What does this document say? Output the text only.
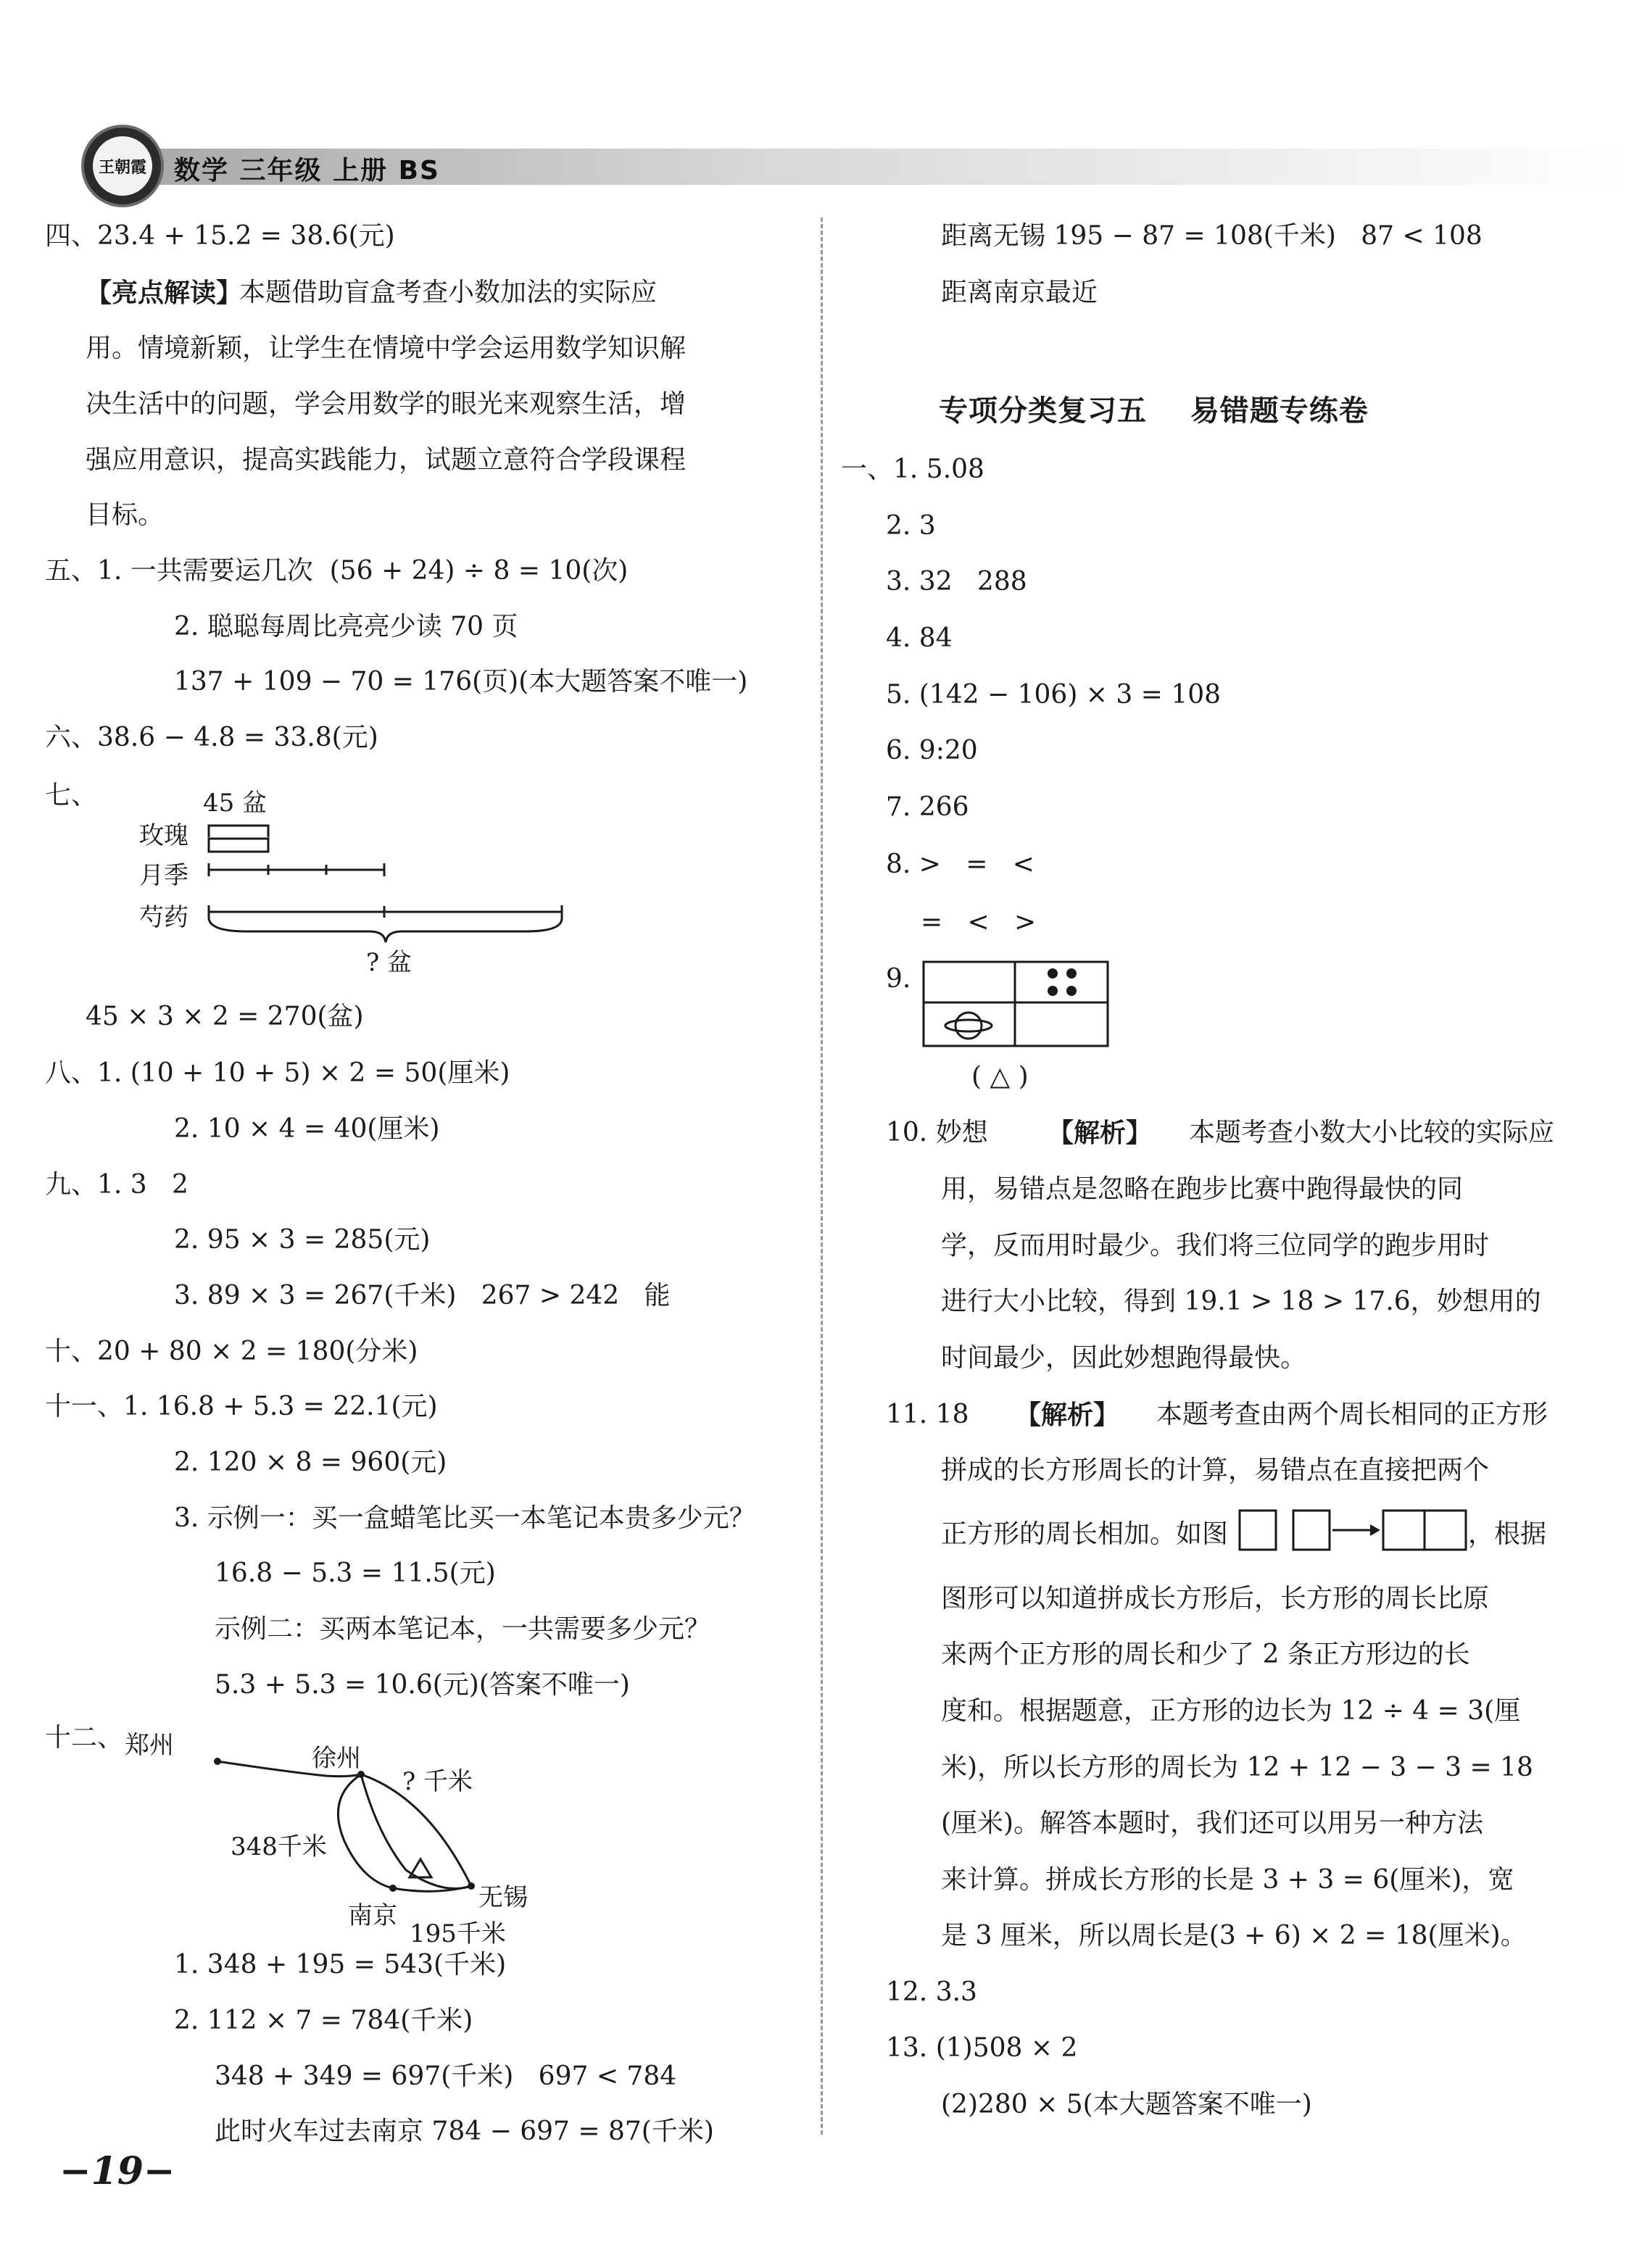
王朝霞 数学 三年级 上册 BS
四、23.4 + 15.2 = 38.6(元)
【亮点解读】
本题借助盲盒考查小数加法的实际应
用。情境新颖，让学生在情境中学会运用数学知识解
决生活中的问题，学会用数学的眼光来观察生活，增
强应用意识，提高实践能力，试题立意符合学段课程
目标。
五、1. 一共需要运几次  (56 + 24) ÷ 8 = 10(次)
2. 聪聪每周比亮亮少读 70 页
137 + 109 − 70 = 176(页)(本大题答案不唯一)
六、38.6 − 4.8 = 33.8(元)
七、	45 盆
玫瑰
月季
芍药
? 盆
45 × 3 × 2 = 270(盆)
八、1. (10 + 10 + 5) × 2 = 50(厘米)
2. 10 × 4 = 40(厘米)
九、1. 3   2
2. 95 × 3 = 285(元)
3. 89 × 3 = 267(千米)   267 > 242   能
十、20 + 80 × 2 = 180(分米)
十一、1. 16.8 + 5.3 = 22.1(元)
2. 120 × 8 = 960(元)
3. 示例一：买一盒蜡笔比买一本笔记本贵多少元？
16.8 − 5.3 = 11.5(元)
示例二：买两本笔记本，一共需要多少元？
5.3 + 5.3 = 10.6(元)(答案不唯一)
十二、 郑州	徐州
? 千米
348千米
南京
195千米
无锡
1. 348 + 195 = 543(千米)
2. 112 × 7 = 784(千米)
348 + 349 = 697(千米)   697 < 784
此时火车过去南京 784 − 697 = 87(千米)
−19−
距离无锡 195 − 87 = 108(千米)   87 < 108
距离南京最近
专项分类复习五    易错题专练卷
一、1. 5.08
2. 3
3. 32   288
4. 84
5. (142 − 106) × 3 = 108
6. 9:20
7. 266
8. >   =   <
=   <   >
9.
( △ )
10. 妙想 【解析】 本题考查小数大小比较的实际应
用，易错点是忽略在跑步比赛中跑得最快的同
学，反而用时最少。我们将三位同学的跑步用时
进行大小比较，得到 19.1 > 18 > 17.6，妙想用的
时间最少，因此妙想跑得最快。
11. 18 【解析】 本题考查由两个周长相同的正方形
拼成的长方形周长的计算，易错点在直接把两个
正方形的周长相加。如图	，根据
图形可以知道拼成长方形后，长方形的周长比原
来两个正方形的周长和少了 2 条正方形边的长
度和。根据题意，正方形的边长为 12 ÷ 4 = 3(厘
米)，所以长方形的周长为 12 + 12 − 3 − 3 = 18
(厘米)。解答本题时，我们还可以用另一种方法
来计算。拼成长方形的长是 3 + 3 = 6(厘米)，宽
是 3 厘米，所以周长是(3 + 6) × 2 = 18(厘米)。
12. 3.3
13. (1)508 × 2
(2)280 × 5(本大题答案不唯一)
